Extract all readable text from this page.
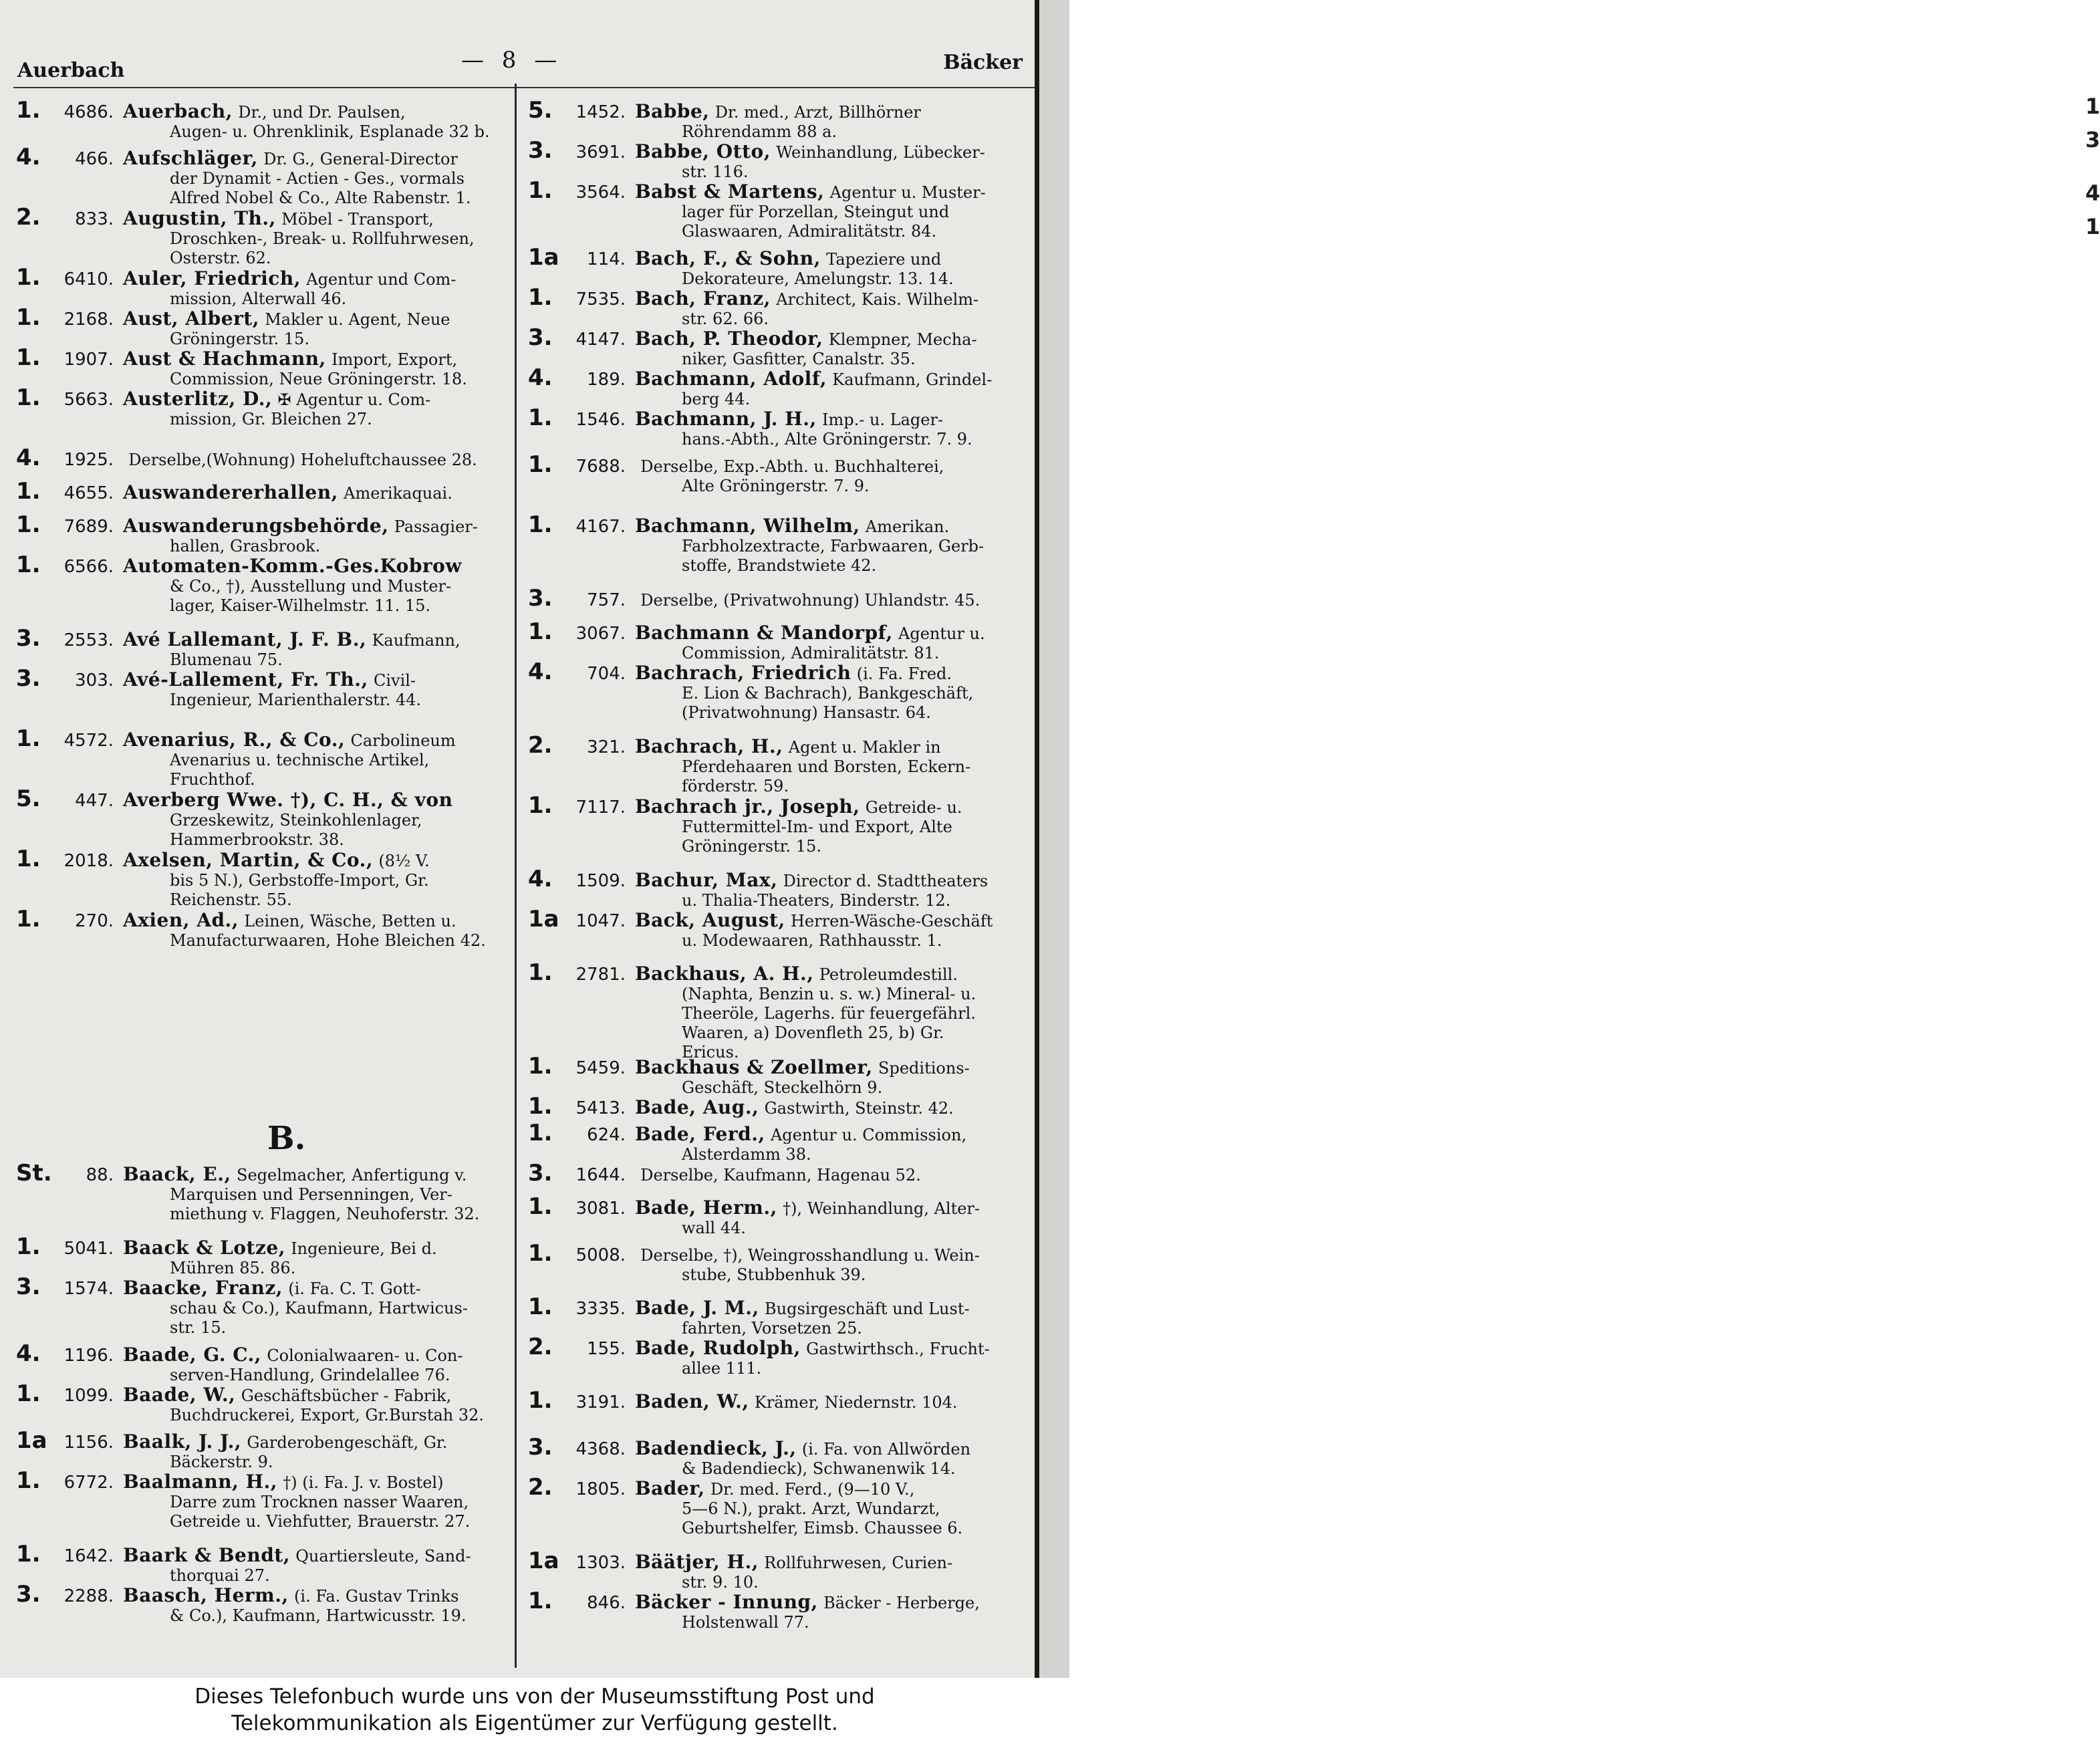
Auerbach	— 8 —	Bäcker
1. 4686. Auerbach, Dr., und Dr. Paulsen,
Augen- u. Ohrenklinik, Esplanade 32 b.
4. 466. Aufschläger, Dr. G., General-Director
der Dynamit - Actien - Ges., vormals
Alfred Nobel & Co., Alte Rabenstr. 1.
2. 833. Augustin, Th., Möbel - Transport,
Droschken-, Break- u. Rollfuhrwesen,
Osterstr. 62.
1. 6410. Auler, Friedrich, Agentur und Com-
mission, Alterwall 46.
1. 2168. Aust, Albert, Makler u. Agent, Neue
Gröningerstr. 15.
1. 1907. Aust & Hachmann, Import, Export,
Commission, Neue Gröningerstr. 18.
1. 5663. Austerlitz, D., ✠ Agentur u. Com-
mission, Gr. Bleichen 27.
4. 1925. Derselbe,(Wohnung) Hoheluftchaussee 28.
1. 4655. Auswandererhallen, Amerikaquai.
1. 7689. Auswanderungsbehörde, Passagier-
hallen, Grasbrook.
1. 6566. Automaten-Komm.-Ges.Kobrow
& Co., †), Ausstellung und Muster-
lager, Kaiser-Wilhelmstr. 11. 15.
3. 2553. Avé Lallemant, J. F. B., Kaufmann,
Blumenau 75.
3. 303. Avé-Lallement, Fr. Th., Civil-
Ingenieur, Marienthalerstr. 44.
1. 4572. Avenarius, R., & Co., Carbolineum
Avenarius u. technische Artikel,
Fruchthof.
5. 447. Averberg Wwe. †), C. H., & von
Grzeskewitz, Steinkohlenlager,
Hammerbrookstr. 38.
1. 2018. Axelsen, Martin, & Co., (8½ V.
bis 5 N.), Gerbstoffe-Import, Gr.
Reichenstr. 55.
1. 270. Axien, Ad., Leinen, Wäsche, Betten u.
Manufacturwaaren, Hohe Bleichen 42.
St. 88. Baack, E., Segelmacher, Anfertigung v.
Marquisen und Persenningen, Ver-
miethung v. Flaggen, Neuhoferstr. 32.
1. 5041. Baack & Lotze, Ingenieure, Bei d.
Mühren 85. 86.
3. 1574. Baacke, Franz, (i. Fa. C. T. Gott-
schau & Co.), Kaufmann, Hartwicus-
str. 15.
4. 1196. Baade, G. C., Colonialwaaren- u. Con-
serven-Handlung, Grindelallee 76.
1. 1099. Baade, W., Geschäftsbücher - Fabrik,
Buchdruckerei, Export, Gr.Burstah 32.
1a 1156. Baalk, J. J., Garderobengeschäft, Gr.
Bäckerstr. 9.
1. 6772. Baalmann, H., †) (i. Fa. J. v. Bostel)
Darre zum Trocknen nasser Waaren,
Getreide u. Viehfutter, Brauerstr. 27.
1. 1642. Baark & Bendt, Quartiersleute, Sand-
thorquai 27.
3. 2288. Baasch, Herm., (i. Fa. Gustav Trinks
& Co.), Kaufmann, Hartwicusstr. 19.
5. 1452. Babbe, Dr. med., Arzt, Billhörner
Röhrendamm 88 a.
3. 3691. Babbe, Otto, Weinhandlung, Lübecker-
str. 116.
1. 3564. Babst & Martens, Agentur u. Muster-
lager für Porzellan, Steingut und
Glaswaaren, Admiralitätstr. 84.
1a 114. Bach, F., & Sohn, Tapeziere und
Dekorateure, Amelungstr. 13. 14.
1. 7535. Bach, Franz, Architect, Kais. Wilhelm-
str. 62. 66.
3. 4147. Bach, P. Theodor, Klempner, Mecha-
niker, Gasfitter, Canalstr. 35.
4. 189. Bachmann, Adolf, Kaufmann, Grindel-
berg 44.
1. 1546. Bachmann, J. H., Imp.- u. Lager-
hans.-Abth., Alte Gröningerstr. 7. 9.
1. 7688. Derselbe, Exp.-Abth. u. Buchhalterei,
Alte Gröningerstr. 7. 9.
1. 4167. Bachmann, Wilhelm, Amerikan.
Farbholzextracte, Farbwaaren, Gerb-
stoffe, Brandstwiete 42.
3. 757. Derselbe, (Privatwohnung) Uhlandstr. 45.
1. 3067. Bachmann & Mandorpf, Agentur u.
Commission, Admiralitätstr. 81.
4. 704. Bachrach, Friedrich (i. Fa. Fred.
E. Lion & Bachrach), Bankgeschäft,
(Privatwohnung) Hansastr. 64.
2. 321. Bachrach, H., Agent u. Makler in
Pferdehaaren und Borsten, Eckern-
förderstr. 59.
1. 7117. Bachrach jr., Joseph, Getreide- u.
Futtermittel-Im- und Export, Alte
Gröningerstr. 15.
4. 1509. Bachur, Max, Director d. Stadttheaters
u. Thalia-Theaters, Binderstr. 12.
1a 1047. Back, August, Herren-Wäsche-Geschäft
u. Modewaaren, Rathhausstr. 1.
1. 2781. Backhaus, A. H., Petroleumdestill.
(Naphta, Benzin u. s. w.) Mineral- u.
Theeröle, Lagerhs. für feuergefährl.
Waaren, a) Dovenfleth 25, b) Gr.
Ericus.
1. 5459. Backhaus & Zoellmer, Speditions-
Geschäft, Steckelhörn 9.
1. 5413. Bade, Aug., Gastwirth, Steinstr. 42.
1. 624. Bade, Ferd., Agentur u. Commission,
Alsterdamm 38.
3. 1644. Derselbe, Kaufmann, Hagenau 52.
1. 3081. Bade, Herm., †), Weinhandlung, Alter-
wall 44.
1. 5008. Derselbe, †), Weingrosshandlung u. Wein-
stube, Stubbenhuk 39.
1. 3335. Bade, J. M., Bugsirgeschäft und Lust-
fahrten, Vorsetzen 25.
2. 155. Bade, Rudolph, Gastwirthsch., Frucht-
allee 111.
1. 3191. Baden, W., Krämer, Niedernstr. 104.
3. 4368. Badendieck, J., (i. Fa. von Allwörden
& Badendieck), Schwanenwik 14.
2. 1805. Bader, Dr. med. Ferd., (9—10 V.,
5—6 N.), prakt. Arzt, Wundarzt,
Geburtshelfer, Eimsb. Chaussee 6.
1a 1303. Bäätjer, H., Rollfuhrwesen, Curien-
str. 9. 10.
1. 846. Bäcker - Innung, Bäcker - Herberge,
Holstenwall 77.
B.
1
3
4
1
Dieses Telefonbuch wurde uns von der Museumsstiftung Post und
Telekommunikation als Eigentümer zur Verfügung gestellt.
